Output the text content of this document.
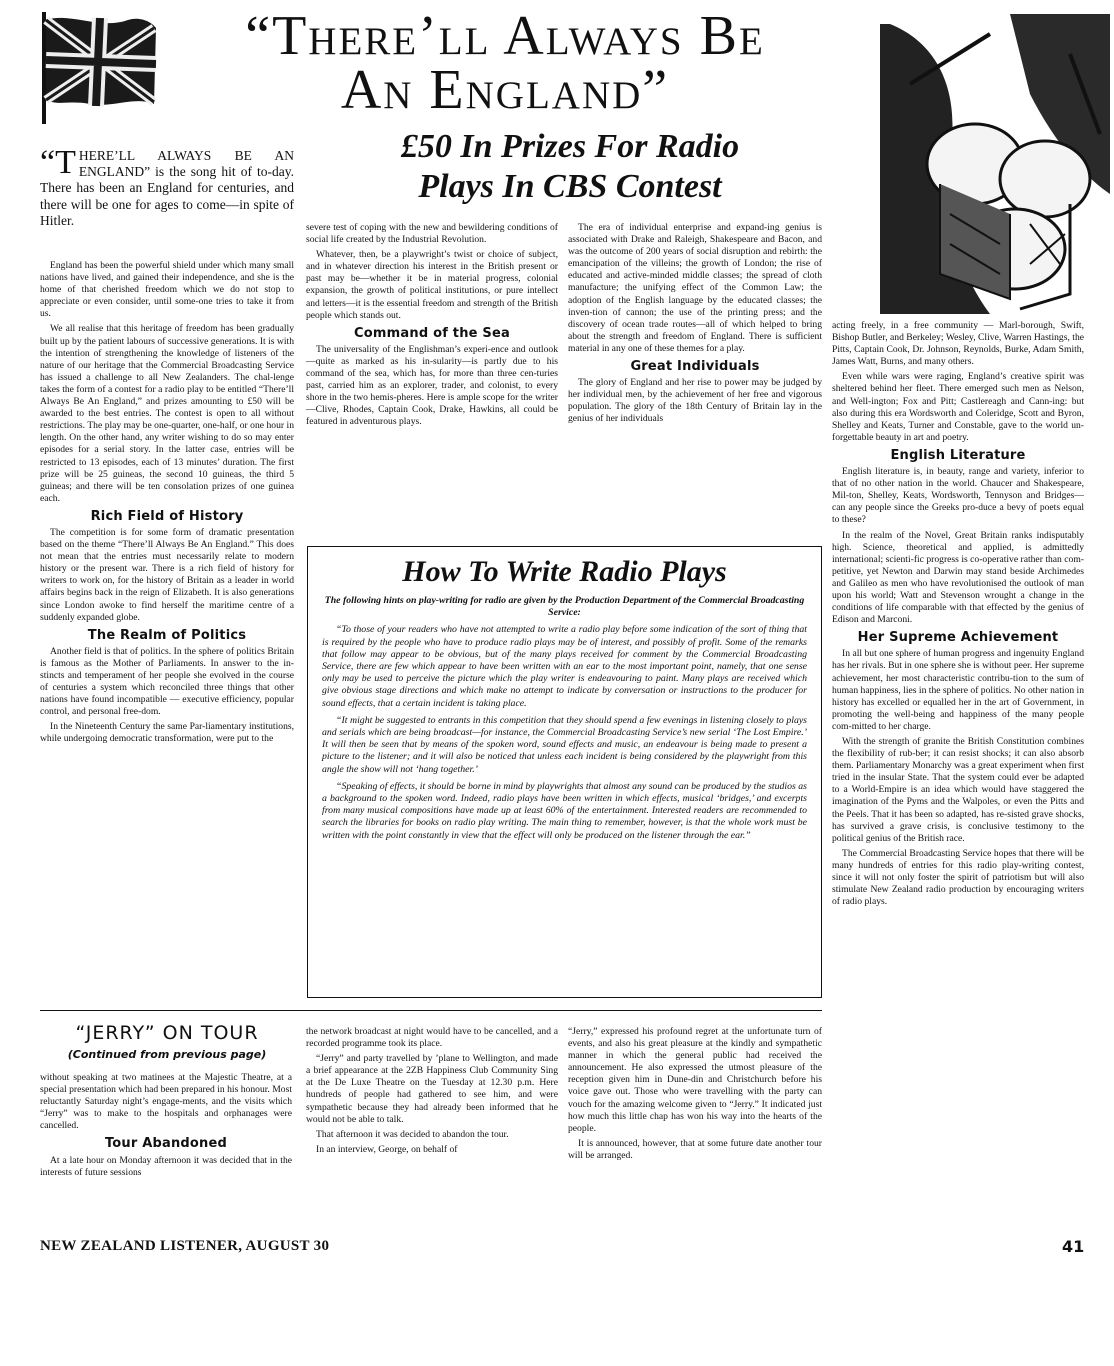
“There’ll Always Be
An England”
“THERE’LL ALWAYS BE AN ENGLAND” is the song hit of to-day. There has been an England for centuries, and there will be one for ages to come—in spite of Hitler.
£50 In Prizes For Radio
Plays In CBS Contest

England has been the powerful shield under which many small nations have lived, and gained their independence, and she is the home of that cherished freedom which we do not stop to appreciate or even consider, until some-one tries to take it from us.

We all realise that this heritage of freedom has been gradually built up by the patient labours of successive generations. It is with the intention of strengthening the knowledge of listeners of the nature of our heritage that the Commercial Broadcasting Service has issued a challenge to all New Zealanders. The chal-lenge takes the form of a contest for a radio play to be entitled “There’ll Always Be An England,” and prizes amounting to £50 will be awarded to the best entries. The contest is open to all without restrictions. The play may be one-quarter, one-half, or one hour in length. On the other hand, any writer wishing to do so may enter episodes for a serial story. In the latter case, entries will be restricted to 13 episodes, each of 13 minutes’ duration. The first prize will be 25 guineas, the second 10 guineas, the third 5 guineas; and there will be ten consolation prizes of one guinea each.

Rich Field of History

The competition is for some form of dramatic presentation based on the theme “There’ll Always Be An England.” This does not mean that the entries must necessarily relate to modern history or the present war. There is a rich field of history for writers to work on, for the history of Britain as a leader in world affairs begins back in the reign of Elizabeth. It is also generations since London awoke to find herself the maritime centre of a suddenly expanded globe.

The Realm of Politics

Another field is that of politics. In the sphere of politics Britain is famous as the Mother of Parliaments. In answer to the in-stincts and temperament of her people she evolved in the course of centuries a system which reconciled three things that other nations have found incompatible — executive efficiency, popular control, and personal free-dom.

In the Nineteenth Century the same Par-liamentary institutions, while undergoing democratic transformation, were put to the

severe test of coping with the new and bewildering conditions of social life created by the Industrial Revolution.

Whatever, then, be a playwright’s twist or choice of subject, and in whatever direction his interest in the British present or past may be—whether it be in material progress, colonial expansion, the growth of political institutions, or pure intellect and letters—it is the essential freedom and strength of the British people which stands out.

Command of the Sea

The universality of the Englishman’s experi-ence and outlook—quite as marked as his in-sularity—is partly due to his command of the sea, which has, for more than three cen-turies past, carried him as an explorer, trader, and colonist, to every shore in the two hemis-pheres. Here is ample scope for the writer—Clive, Rhodes, Captain Cook, Drake, Hawkins, all could be featured in adventurous plays.

The era of individual enterprise and expand-ing genius is associated with Drake and Raleigh, Shakespeare and Bacon, and was the outcome of 200 years of social disruption and rebirth: the emancipation of the villeins; the growth of London; the rise of educated and active-minded middle classes; the spread of cloth manufacture; the unifying effect of the Common Law; the adoption of the English language by the educated classes; the inven-tion of cannon; the use of the printing press; and the discovery of ocean trade routes—all of which helped to bring about the strength and freedom of England. There is sufficient material in any one of these themes for a play.

Great Individuals

The glory of England and her rise to power may be judged by her individual men, by the achievement of her free and vigorous population. The glory of the 18th Century of Britain lay in the genius of her individuals

acting freely, in a free community — Marl-borough, Swift, Bishop Butler, and Berkeley; Wesley, Clive, Warren Hastings, the Pitts, Captain Cook, Dr. Johnson, Reynolds, Burke, Adam Smith, James Watt, Burns, and many others.

Even while wars were raging, England’s creative spirit was sheltered behind her fleet. There emerged such men as Nelson, and Well-ington; Fox and Pitt; Castlereagh and Cann-ing: but also during this era Wordsworth and Coleridge, Scott and Byron, Shelley and Keats, Turner and Constable, gave to the world un-forgettable beauty in art and poetry.

English Literature

English literature is, in beauty, range and variety, inferior to that of no other nation in the world. Chaucer and Shakespeare, Mil-ton, Shelley, Keats, Wordsworth, Tennyson and Bridges—can any people since the Greeks pro-duce a bevy of poets equal to these?

In the realm of the Novel, Great Britain ranks indisputably high. Science, theoretical and applied, is admittedly international; scienti-fic progress is co-operative rather than com-petitive, yet Newton and Darwin may stand beside Archimedes and Galileo as men who have revolutionised the outlook of man upon his world; Watt and Stevenson wrought a change in the conditions of life comparable with that effected by the genius of Edison and Marconi.

Her Supreme Achievement

In all but one sphere of human progress and ingenuity England has her rivals. But in one sphere she is without peer. Her supreme achievement, her most characteristic contribu-tion to the sum of human happiness, lies in the sphere of politics. No other nation in history has excelled or equalled her in the art of Government, in promoting the well-being and happiness of the many people com-mitted to her charge.

With the strength of granite the British Constitution combines the flexibility of rub-ber; it can resist shocks; it can also absorb them. Parliamentary Monarchy was a great experiment when first tried in the insular State. That the system could ever be adapted to a World-Empire is an idea which would have staggered the imagination of the Pyms and the Walpoles, or even the Pitts and the Peels. That it has been so adapted, has re-sisted grave shocks, has survived a grave crisis, is conclusive testimony to the political genius of the British race.

The Commercial Broadcasting Service hopes that there will be many hundreds of entries for this radio play-writing contest, since it will not only foster the spirit of patriotism but will also stimulate New Zealand radio production by encouraging writers of radio plays.

How To Write Radio Plays

The following hints on play-writing for radio are given by the Production Department of the Commercial Broadcasting Service:

“To those of your readers who have not attempted to write a radio play before some indication of the sort of thing that is required by the people who have to produce radio plays may be of interest, and possibly of profit. Some of the remarks that follow may appear to be obvious, but of the many plays received for comment by the Commercial Broadcasting Service, there are few which appear to have been written with an ear to the most important point, namely, that one sense only may be used to perceive the picture which the play writer is endeavouring to paint. Many plays are received which give obvious stage directions and which make no attempt to indicate by conversation or instructions to the producer for sound effects, that a certain incident is taking place.

“It might be suggested to entrants in this competition that they should spend a few evenings in listening closely to plays and serials which are being broadcast—for instance, the Commercial Broadcasting Service’s new serial ‘The Lost Empire.’ It will then be seen that by means of the spoken word, sound effects and music, an endeavour is being made to present a picture to the listener; and it will also be noticed that unless each incident is being considered by the playwright from this angle the show will not ‘hang together.’

“Speaking of effects, it should be borne in mind by playwrights that almost any sound can be produced by the studios as a background to the spoken word. Indeed, radio plays have been written in which effects, musical ‘bridges,’ and excerpts from many musical compositions have made up at least 60% of the entertainment. Interested readers are recommended to search the libraries for books on radio play writing. The main thing to remember, however, is that the whole work must be written with the point constantly in view that the effect will only be produced on the listener through the ear.”

“JERRY” ON TOUR
(Continued from previous page)

without speaking at two matinees at the Majestic Theatre, at a special presentation which had been prepared in his honour. Most reluctantly Saturday night’s engage-ments, and the visits which “Jerry” was to make to the hospitals and orphanages were cancelled.

Tour Abandoned

At a late hour on Monday afternoon it was decided that in the interests of future sessions

the network broadcast at night would have to be cancelled, and a recorded programme took its place.

“Jerry” and party travelled by ’plane to Wellington, and made a brief appearance at the 2ZB Happiness Club Community Sing at the De Luxe Theatre on the Tuesday at 12.30 p.m. Here hundreds of people had gathered to see him, and were sympathetic because they had already been informed that he would not be able to talk.

That afternoon it was decided to abandon the tour.

In an interview, George, on behalf of

“Jerry,” expressed his profound regret at the unfortunate turn of events, and also his great pleasure at the kindly and sympathetic manner in which the general public had received the announcement. He also expressed the utmost pleasure of the reception given him in Dune-din and Christchurch before his voice gave out. Those who were travelling with the party can vouch for the amazing welcome given to “Jerry.” It indicated just how much this little chap has won his way into the hearts of the people.

It is announced, however, that at some future date another tour will be arranged.

NEW ZEALAND LISTENER, AUGUST 30	41
